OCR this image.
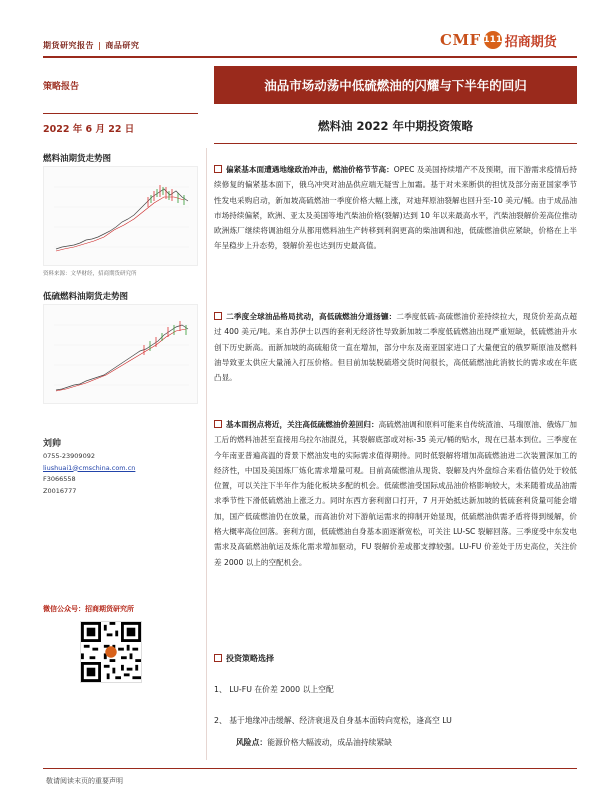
期货研究报告 | 商品研究	CMF 111 招商期货
策略报告	油品市场动荡中低硫燃油的闪耀与下半年的回归
2022 年 6 月 22 日	燃料油 2022 年中期投资策略
燃料油期货走势图
资料来源：文华财经，招商期货研究所
低硫燃料油期货走势图
刘帅
0755-23909092
liushuai1@cmschina.com.cn
F3066558
Z0016777
微信公众号：招商期货研究所
偏紧基本面遭遇地缘政治冲击，燃油价格节节高：OPEC 及美国持续增产不及预期，而下游需求疫情后持续修复的偏紧基本面下，俄乌冲突对油品供应端无疑雪上加霜。基于对未来断供的担忧及部分南亚国家季节性发电采购启动，新加坡高硫燃油一季度价格大幅上涨，对迪拜原油裂解也回升至-10 美元/桶。由于成品油市场持续偏紧，欧洲、亚太及美国等地汽柴油价格(裂解)达到 10 年以来最高水平，汽柴油裂解价差高位推动欧洲炼厂继续将调油组分从都用燃料油生产转移到利润更高的柴油调和池，低硫燃油供应紧缺，价格在上半年呈稳步上升态势，裂解价差也达到历史最高值。
二季度全球油品格局扰动，高低硫燃油分道扬镳：二季度低硫-高硫燃油价差持续拉大，现货价差高点超过 400 美元/吨。来自苏伊士以西的套利无经济性导致新加坡二季度低硫燃油出现严重短缺，低硫燃油升水创下历史新高。而新加坡的高硫船货一直在增加，部分中东及南亚国家进口了大量便宜的俄罗斯原油及燃料油导致亚太供应大量涌入打压价格。但目前加装脱硫塔交货时间很长，高低硫燃油此消彼长的需求或在年底凸显。
基本面拐点将近，关注高低硫燃油价差回归：高硫燃油调和原料可能来自传统渣油、马瑞原油、俄炼厂加工后的燃料油甚至直接用乌拉尔油混兑，其裂解底部或对标-35 美元/桶的贴水，现在已基本到位。三季度在今年南亚普遍高温的背景下燃油发电的实际需求值得期待。同时低裂解将增加高硫燃油进二次装置深加工的经济性，中国及美国炼厂炼化需求增量可观。目前高硫燃油从现货、裂解及内外盘综合来看估值仍处于较低位置，可以关注下半年作为能化板块多配的机会。低硫燃油受国际成品油价格影响较大，未来随着成品油需求季节性下滑低硫燃油上涨乏力。同时东西方套利窗口打开，7 月开始抵达新加坡的低硫套利货量可能会增加，国产低硫燃油仍在放量，而高油价对下游航运需求的抑制开始显现，低硫燃油供需矛盾将得到缓解，价格大概率高位回落。套利方面，低硫燃油自身基本面逐渐宽松，可关注 LU-SC 裂解回落。三季度受中东发电需求及高硫燃油航运及炼化需求增加驱动，FU 裂解价差或都支撑较强。LU-FU 价差处于历史高位，关注价差 2000 以上的空配机会。
投资策略选择
1、 LU-FU 在价差 2000 以上空配
2、 基于地缘冲击缓解、经济衰退及自身基本面转向宽松，逢高空 LU
风险点：能源价格大幅波动，成品油持续紧缺
敬请阅读末页的重要声明
